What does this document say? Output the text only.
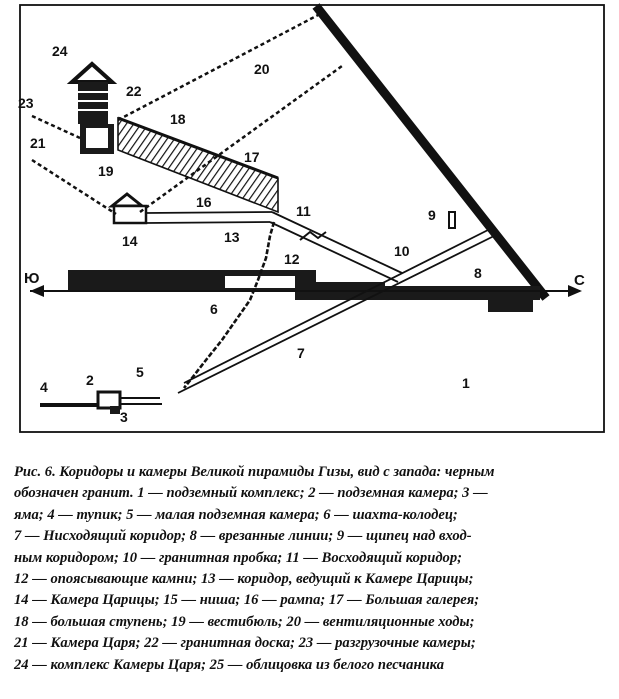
1
2
3
4
5
6
7
8
9
10
11
12
13
14
16
17
18
19
20
21
22
23
24
Ю	С
Рис. 6. Коридоры и камеры Великой пирамиды Гизы, вид с запада: черным
обозначен гранит. 1 — подземный комплекс; 2 — подземная камера; 3 —
яма; 4 — тупик; 5 — малая подземная камера; 6 — шахта-колодец;
7 — Нисходящий коридор; 8 — врезанные линии; 9 — щипец над вход-
ным коридором; 10 — гранитная пробка; 11 — Восходящий коридор;
12 — опоясывающие камни; 13 — коридор, ведущий к Камере Царицы;
14 — Камера Царицы; 15 — ниша; 16 — рампа; 17 — Большая галерея;
18 — большая ступень; 19 — вестибюль; 20 — вентиляционные ходы;
21 — Камера Царя; 22 — гранитная доска; 23 — разгрузочные камеры;
24 — комплекс Камеры Царя; 25 — облицовка из белого песчаника
